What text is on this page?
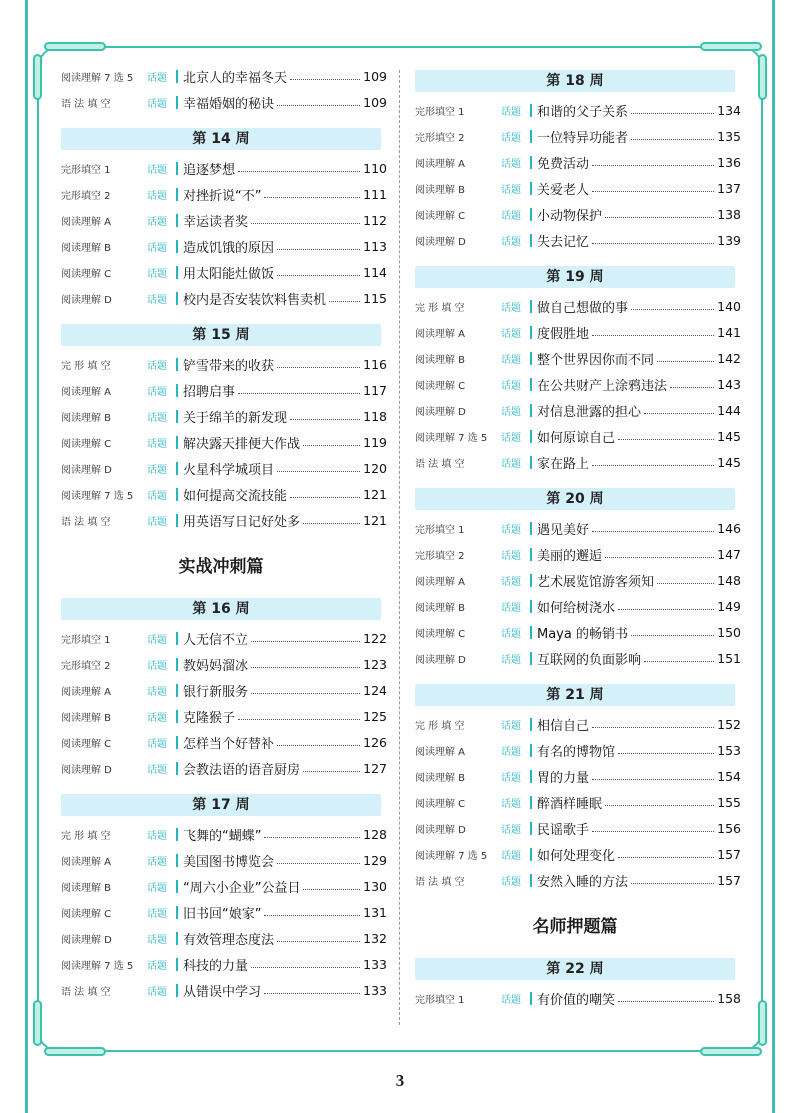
阅读理解 7 选 5	话题	北京人的幸福冬天	109
语 法 填 空	话题	幸福婚姻的秘诀	109
第 14 周
完形填空 1	话题	追逐梦想	110
完形填空 2	话题	对挫折说“不”	111
阅读理解 A	话题	幸运读者奖	112
阅读理解 B	话题	造成饥饿的原因	113
阅读理解 C	话题	用太阳能灶做饭	114
阅读理解 D	话题	校内是否安装饮料售卖机	115
第 15 周
完 形 填 空	话题	铲雪带来的收获	116
阅读理解 A	话题	招聘启事	117
阅读理解 B	话题	关于绵羊的新发现	118
阅读理解 C	话题	解决露天排便大作战	119
阅读理解 D	话题	火星科学城项目	120
阅读理解 7 选 5	话题	如何提高交流技能	121
语 法 填 空	话题	用英语写日记好处多	121
实战冲刺篇
第 16 周
完形填空 1	话题	人无信不立	122
完形填空 2	话题	教妈妈溜冰	123
阅读理解 A	话题	银行新服务	124
阅读理解 B	话题	克隆猴子	125
阅读理解 C	话题	怎样当个好替补	126
阅读理解 D	话题	会教法语的语音厨房	127
第 17 周
完 形 填 空	话题	飞舞的“蝴蝶”	128
阅读理解 A	话题	美国图书博览会	129
阅读理解 B	话题	“周六小企业”公益日	130
阅读理解 C	话题	旧书回“娘家”	131
阅读理解 D	话题	有效管理态度法	132
阅读理解 7 选 5	话题	科技的力量	133
语 法 填 空	话题	从错误中学习	133
第 18 周
完形填空 1	话题	和谐的父子关系	134
完形填空 2	话题	一位特异功能者	135
阅读理解 A	话题	免费活动	136
阅读理解 B	话题	关爱老人	137
阅读理解 C	话题	小动物保护	138
阅读理解 D	话题	失去记忆	139
第 19 周
完 形 填 空	话题	做自己想做的事	140
阅读理解 A	话题	度假胜地	141
阅读理解 B	话题	整个世界因你而不同	142
阅读理解 C	话题	在公共财产上涂鸦违法	143
阅读理解 D	话题	对信息泄露的担心	144
阅读理解 7 选 5	话题	如何原谅自己	145
语 法 填 空	话题	家在路上	145
第 20 周
完形填空 1	话题	遇见美好	146
完形填空 2	话题	美丽的邂逅	147
阅读理解 A	话题	艺术展览馆游客须知	148
阅读理解 B	话题	如何给树浇水	149
阅读理解 C	话题	Maya 的畅销书	150
阅读理解 D	话题	互联网的负面影响	151
第 21 周
完 形 填 空	话题	相信自己	152
阅读理解 A	话题	有名的博物馆	153
阅读理解 B	话题	胃的力量	154
阅读理解 C	话题	醉酒样睡眠	155
阅读理解 D	话题	民谣歌手	156
阅读理解 7 选 5	话题	如何处理变化	157
语 法 填 空	话题	安然入睡的方法	157
名师押题篇
第 22 周
完形填空 1	话题	有价值的嘲笑	158
3
